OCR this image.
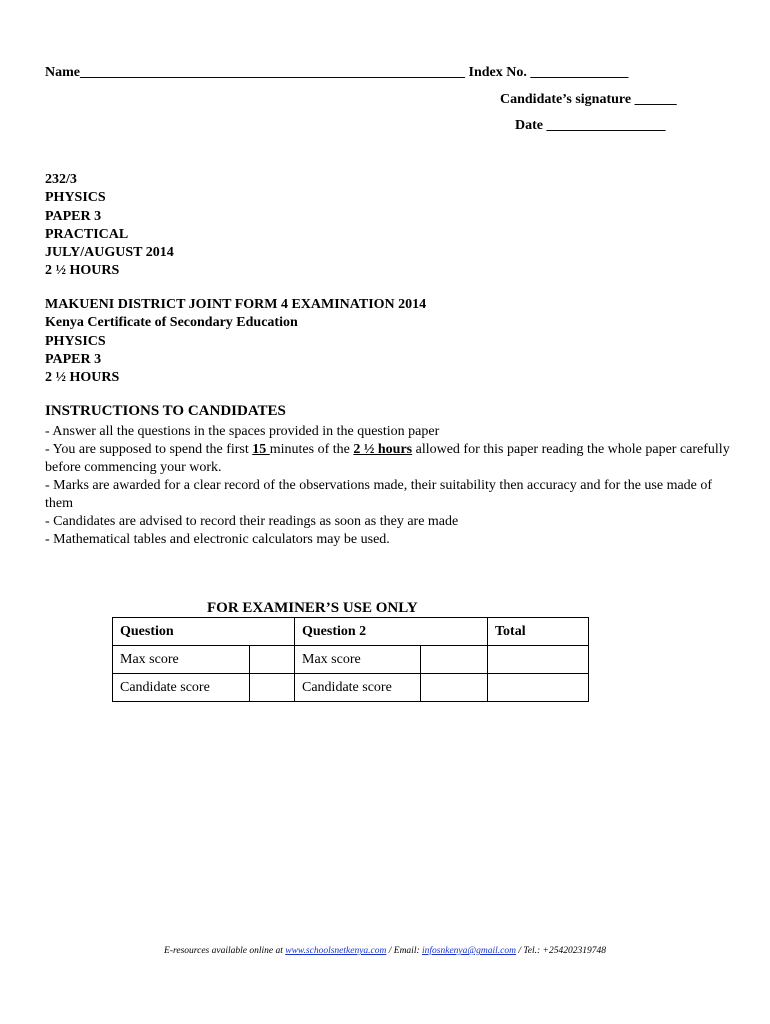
Name_______________________________________________________ Index No. ______________
Candidate’s signature ______
Date _________________
232/3
PHYSICS
PAPER 3
PRACTICAL
JULY/AUGUST 2014
2 ½ HOURS
MAKUENI DISTRICT JOINT FORM 4 EXAMINATION 2014
Kenya Certificate of Secondary Education
PHYSICS
PAPER 3
2 ½ HOURS
INSTRUCTIONS TO CANDIDATES

- Answer all the questions in the spaces provided in the question paper

- You are supposed to spend the first 15 minutes of the 2 ½ hours allowed for this paper reading the whole paper carefully before commencing your work.

- Marks are awarded for a clear record of the observations made, their suitability then accuracy and for the use made of them

- Candidates are advised to record their readings as soon as they are made

- Mathematical tables and electronic calculators may be used.

FOR EXAMINER’S USE ONLY
Question		Question 2		Total
Max score		Max score		
Candidate score		Candidate score		
E-resources available online at www.schoolsnetkenya.com / Email: infosnkenya@gmail.com / Tel.: +254202319748
